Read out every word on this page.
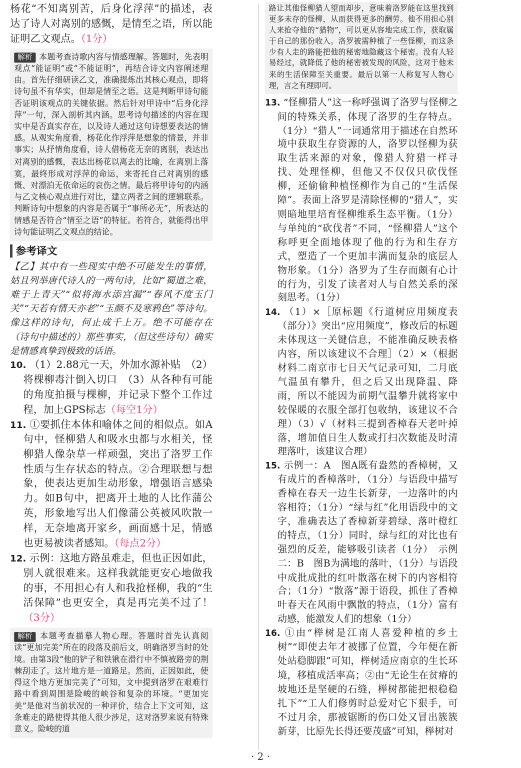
杨花“不知离别苦，后身化浮萍”的描述，表达了诗人对离别的感慨，是情至之语，所以能证明乙文观点。（1分）

解析 本题考查诗歌内容与情感理解。答题时，先表明观点“能证明”或“不能证明”，再结合诗文内容阐述理由。首先仔细研读乙文，准确提炼出其核心观点，即将诗句虽不有华实，但却是情至之语。这是判断甲诗句能否证明该观点的关键依据。然后针对甲诗中“后身化浮萍”一句，深入剖析其内涵。思考诗句描述的内容在现实中是否真实存在，以及诗人通过这句诗想要表达的情感。从观实角度看，杨花化作浮萍是想象的情景，并非事实；从抒情角度看，诗人借杨花无奈的离别，表达出对离别的感慨，表达出杨花以离去的比喻，在离别上落寞，最终形成对浮萍的命运，来寄托自己对离别的感慨、对漂泊无依命运的哀伤之情。最后将甲诗句的内涵与乙文核心观点进行对比，建立两者之间的逻辑联系。判断诗句中想象的内容是否属于“事所必无”，所表达的情感是否符合“情至之语”的特征。若符合，就能得出甲诗句能证明乙文观点的结论。

参考译文

【乙】其中有一些现实中绝不可能发生的事情，姑且列举唐代诗人的一两句诗，比如“蜀道之难，难于上青天”“似将海水添宫漏”“春风不度玉门关”“天若有情天亦老”“玉颜不及寒鸦色”等诗句。像这样的诗句，何止成千上万。绝不可能存在（诗句中描述的）那些事实，（但这些诗句）确实是情感真挚到极致的话语。

10. （1）2.88元一天，外加水源补贴　（2）将棵柳毒汁倒入切口　（3）从各种有可能的角度拍摄与棵柳，并记录下整个工作过程，加上GPS标志（每空1分）

11. ①要抓住本体和喻体之间的相似点。如A句中，怪柳猎人和吸水虫都与水相关，怪柳猎人像杂草一样顽强，突出了洛罗工作性质与生存状态的特点。②合理联想与想象，使表达更加生动形象，增强语言感染力。如B句中，把离开土地的人比作蒲公英，形象地写出人们像蒲公英被风吹散一样，无奈地离开家乡，画面感十足，情感也更易被读者感知。（每点2分）

12. 示例：这地方路虽难走，但也正因如此，别人就很难来。这样我就能更安心地做我的事，不用担心有人和我抢柽柳，我的“生活保障”也更安全，真是再完美不过了！（3分）

解析 本题考查描摹人物心理。答题时首先认真阅读“更加完美”所在的段落及前后文，明确洛罗当时的处境。由第3段“他的铲子和铁锹在滑行中不慎被路旁的荆棘刮走了。这片地方是一道路足。然而，正因如此，使得这个地方更加完美了”可知，文中提到洛罗在艰难行路中看到周围是险峻的峡谷和复杂的环境。“更加完美”是他对当前状况的一种评价，结合上下文可知，这条难走的路使得其他人很少涉足，这对洛罗来说有特殊意义。险峻的道

路让其他怪柳猎人望而却步，意味着洛罗能在这里找到更多未存的怪柳，从而获得更多的酬劳。他不用担心别人来抢夺他的“猎物”，可以更从容地完成工作，获取属于自己的那份收入。洛罗被需种植了一些怪柳，而这条少有人走的路能把他的秘密地隐藏这个秘密。没有人轻易经过，就降低了他的秘密被发现的风险，这对于他未来的生活保障至关重要。最后以第一人称复写人物心理，言之有理即可。

13. “怪柳猎人”这一称呼强调了洛罗与怪柳之间的特殊关系，体现了洛罗的生存特点。（1分）“猎人”一词通常用于描述在自然环境中获取生存资源的人，洛罗以怪柳为获取生活来源的对象，像猎人狩猎一样寻找、处理怪柳，但他又不仅仅只砍伐怪柳，还偷偷种植怪柳作为自己的“生活保障”。表面上洛罗是清除怪柳的“猎人”，实则暗地里培育怪柳维系生态平衡。（1分）与单纯的“砍伐者”不同，“怪柳猎人”这个称呼更全面地体现了他的行为和生存方式，塑造了一个更加丰满而复杂的底层人物形象。（1分）洛罗为了生存而颇有心计的行为，引发了读者对人与自然关系的深刻思考。（1分）

14. （1）×［原标题《行道树应用频度表（部分）》突出“应用频度”，修改后的标题未体现这一关键信息，不能准确反映表格内容，所以该建议不合理］（2）×（根据材料二南京市七日天气记录可知，二月底气温虽有攀升，但之后又出现降温、降雨，所以不能因为前期气温攀升就将家中较保暖的衣服全部打包收纳，该建议不合理）（3）√（材料三提到香樟春天老叶掉落，增加值日生人数或打扫次数能及时清理落叶，该建议合理）

15. 示例一：A　图A既有盎然的香樟树，又有成片的香樟落叶，（1分）与语段中描写香樟在春天一边生长新芽，一边落叶的内容相符；（1分）“绿与红”化用语段中的文字，准确表达了香樟新芽碧绿、落叶橙红的特点，（1分）同时，绿与红的对比也有强烈的反差，能够吸引读者（1分）　示例二：B　图B为满地的落叶，（1分）与语段中成批成批的红叶散落在树下的内容相符合；（1分）“散落”源于语段，抓住了香樟叶春天在风雨中飘散的特点，（1分）富有动感，能激发人们的想象（1分）

16. ①由“榉树是江南人喜爱种植的乡土树”“即使去年才被挪了位置，今年便在新处站稳脚跟”可知，榉树适应南京的生长环境，移植成活率高；②由“无论生在贫瘠的坡地还是坚硬的石缝，榉树都能把根稳稳扎下”“工人们修剪时总爱对它下狠手，可不过月余，那被锯断的伤口处又冒出簇簇新芽，比原先长得还要茂盛”可知，榉树对

· 2 ·
